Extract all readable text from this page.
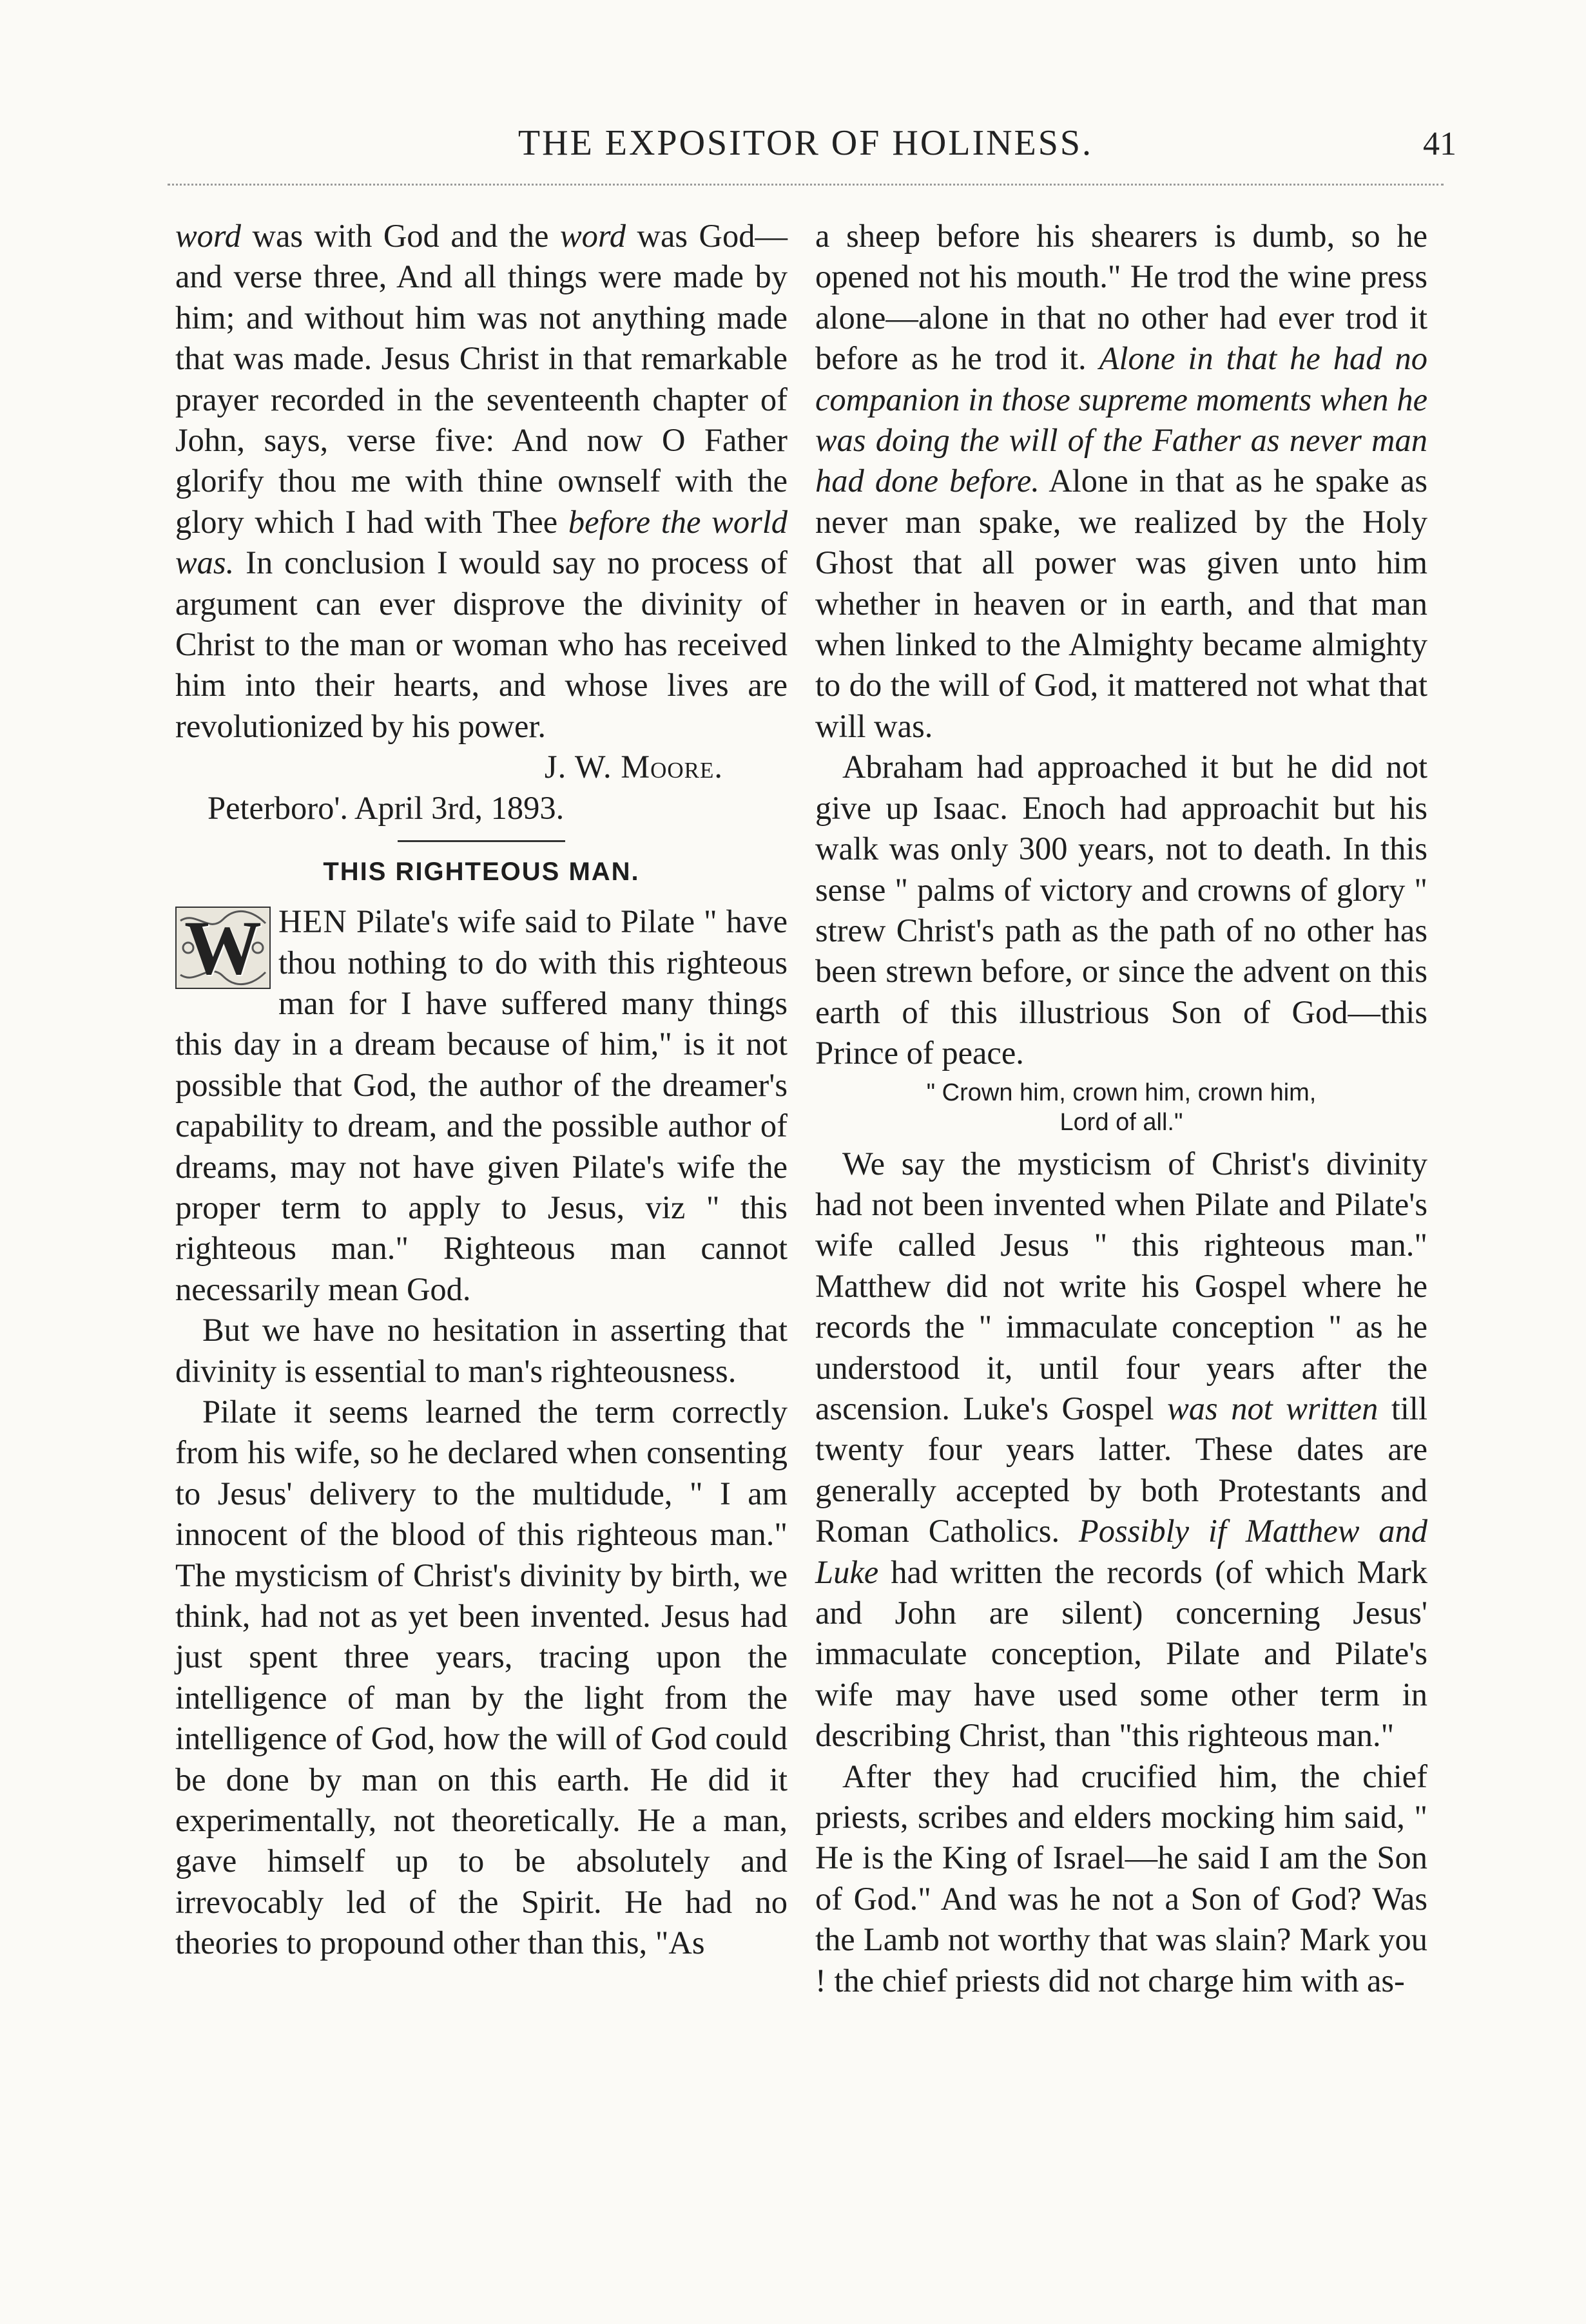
THE EXPOSITOR OF HOLINESS.	41

word was with God and the word was God—and verse three, And all things were made by him; and without him was not anything made that was made. Jesus Christ in that remarkable prayer recorded in the seventeenth chapter of John, says, verse five: And now O Father glorify thou me with thine ownself with the glory which I had with Thee before the world was. In conclusion I would say no process of argument can ever disprove the divinity of Christ to the man or woman who has received him into their hearts, and whose lives are revolutionized by his power.

J. W. Moore.
Peterboro'. April 3rd, 1893.
THIS RIGHTEOUS MAN.

W HEN Pilate's wife said to Pilate " have thou nothing to do with this righteous man for I have suffered many things this day in a dream because of him," is it not possible that God, the author of the dreamer's capability to dream, and the possible author of dreams, may not have given Pilate's wife the proper term to apply to Jesus, viz " this righteous man." Righteous man cannot necessarily mean God.

But we have no hesitation in asserting that divinity is essential to man's righteousness.

Pilate it seems learned the term correctly from his wife, so he declared when consenting to Jesus' delivery to the multidude, " I am innocent of the blood of this righteous man." The mysticism of Christ's divinity by birth, we think, had not as yet been invented. Jesus had just spent three years, tracing upon the intelligence of man by the light from the intelligence of God, how the will of God could be done by man on this earth. He did it experimentally, not theoretically. He a man, gave himself up to be absolutely and irrevocably led of the Spirit. He had no theories to propound other than this, "As

a sheep before his shearers is dumb, so he opened not his mouth." He trod the wine press alone—alone in that no other had ever trod it before as he trod it. Alone in that he had no companion in those supreme moments when he was doing the will of the Father as never man had done before. Alone in that as he spake as never man spake, we realized by the Holy Ghost that all power was given unto him whether in heaven or in earth, and that man when linked to the Almighty became almighty to do the will of God, it mattered not what that will was.

Abraham had approached it but he did not give up Isaac. Enoch had approachit but his walk was only 300 years, not to death. In this sense " palms of victory and crowns of glory " strew Christ's path as the path of no other has been strewn before, or since the advent on this earth of this illustrious Son of God—this Prince of peace.

" Crown him, crown him, crown him,
Lord of all."

We say the mysticism of Christ's divinity had not been invented when Pilate and Pilate's wife called Jesus " this righteous man." Matthew did not write his Gospel where he records the " immaculate conception " as he understood it, until four years after the ascension. Luke's Gospel was not written till twenty four years latter. These dates are generally accepted by both Protestants and Roman Catholics. Possibly if Matthew and Luke had written the records (of which Mark and John are silent) concerning Jesus' immaculate conception, Pilate and Pilate's wife may have used some other term in describing Christ, than "this righteous man."

After they had crucified him, the chief priests, scribes and elders mocking him said, " He is the King of Israel—he said I am the Son of God." And was he not a Son of God? Was the Lamb not worthy that was slain? Mark you ! the chief priests did not charge him with as-
